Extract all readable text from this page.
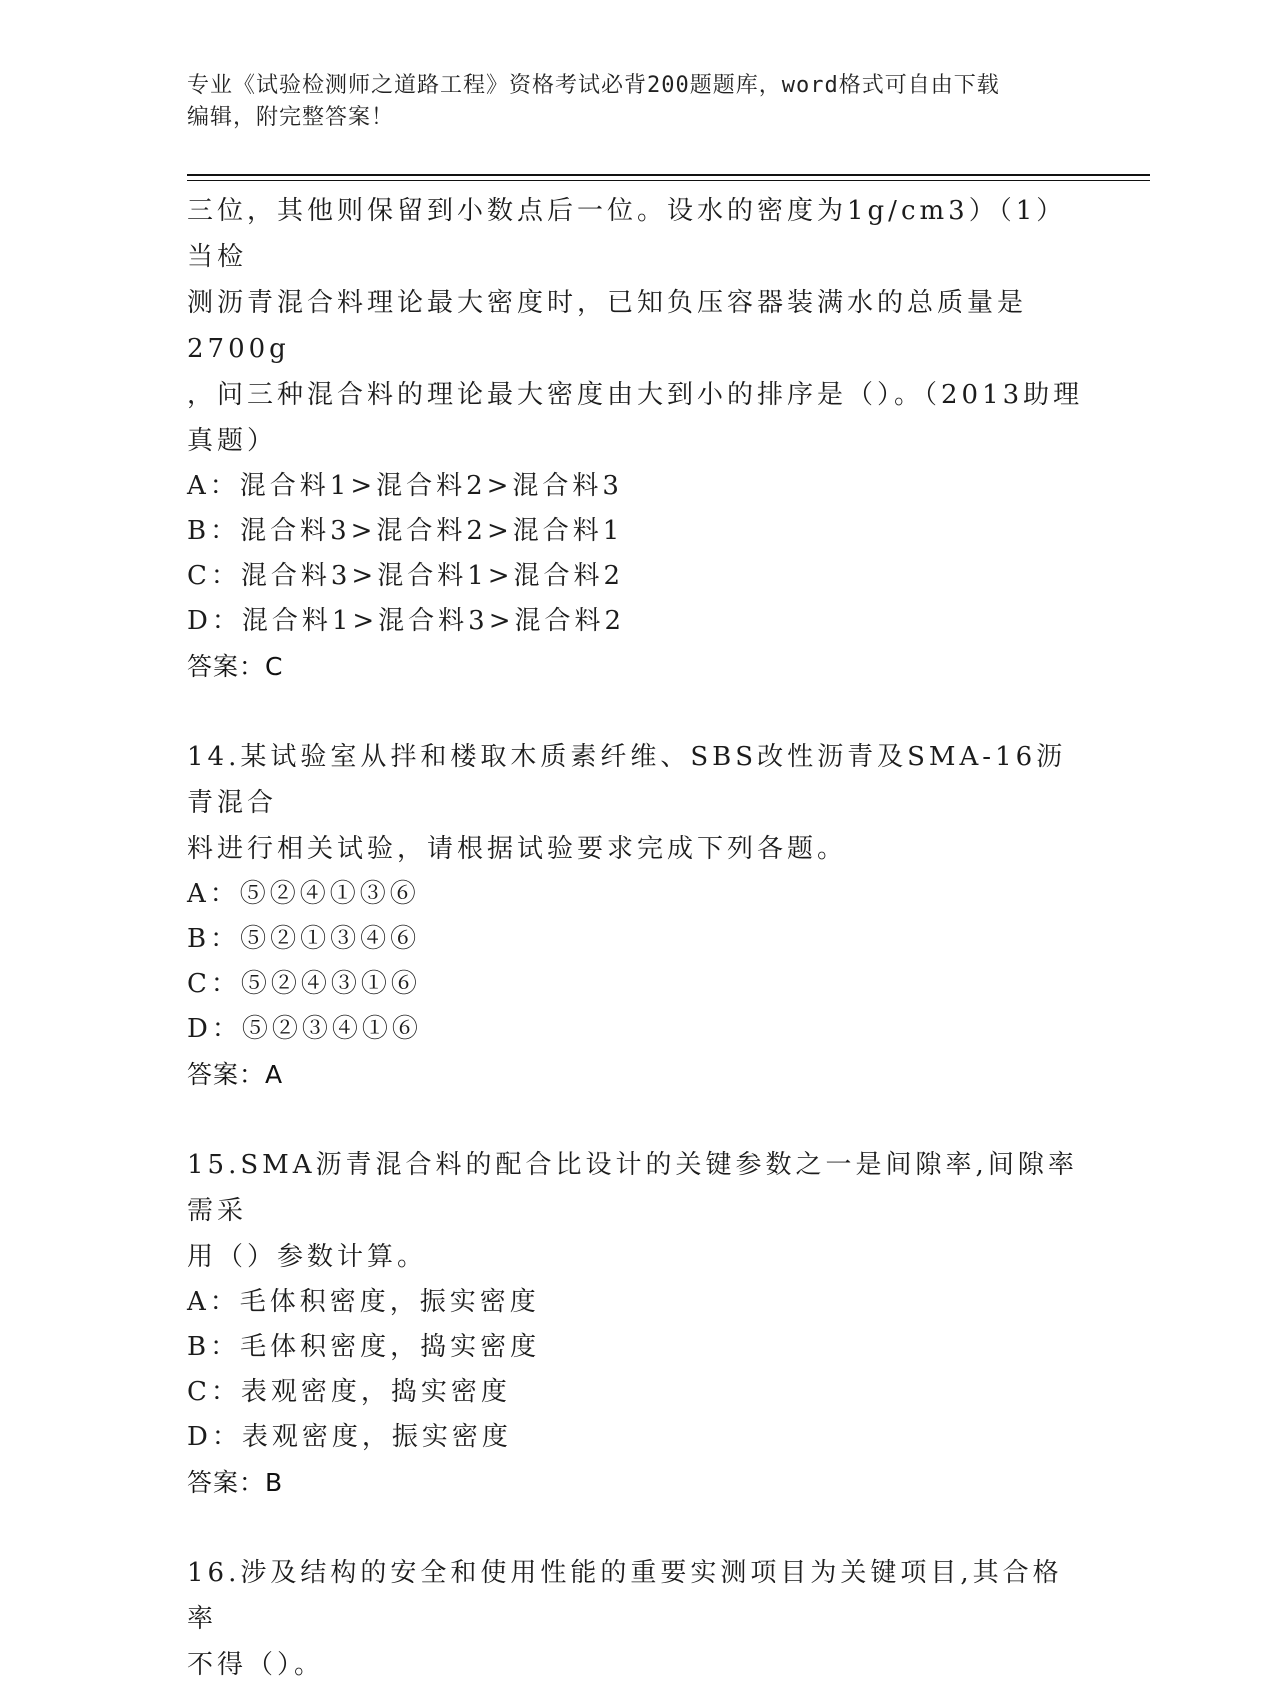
专业《试验检测师之道路工程》资格考试必背200题题库，word格式可自由下载
编辑，附完整答案！

三位，其他则保留到小数点后一位。设水的密度为1g/cm3）（1）当检

测沥青混合料理论最大密度时，已知负压容器装满水的总质量是2700g

，问三种混合料的理论最大密度由大到小的排序是（）。（2013助理

真题）

A：混合料1>混合料2>混合料3

B：混合料3>混合料2>混合料1

C：混合料3>混合料1>混合料2

D：混合料1>混合料3>混合料2

答案：C

14.某试验室从拌和楼取木质素纤维、SBS改性沥青及SMA-16沥青混合

料进行相关试验，请根据试验要求完成下列各题。

A：⑤②④①③⑥

B：⑤②①③④⑥

C：⑤②④③①⑥

D：⑤②③④①⑥

答案：A

15.SMA沥青混合料的配合比设计的关键参数之一是间隙率,间隙率需采

用（）参数计算。

A：毛体积密度，振实密度

B：毛体积密度，捣实密度

C：表观密度，捣实密度

D：表观密度，振实密度

答案：B

16.涉及结构的安全和使用性能的重要实测项目为关键项目,其合格率

不得（）。
